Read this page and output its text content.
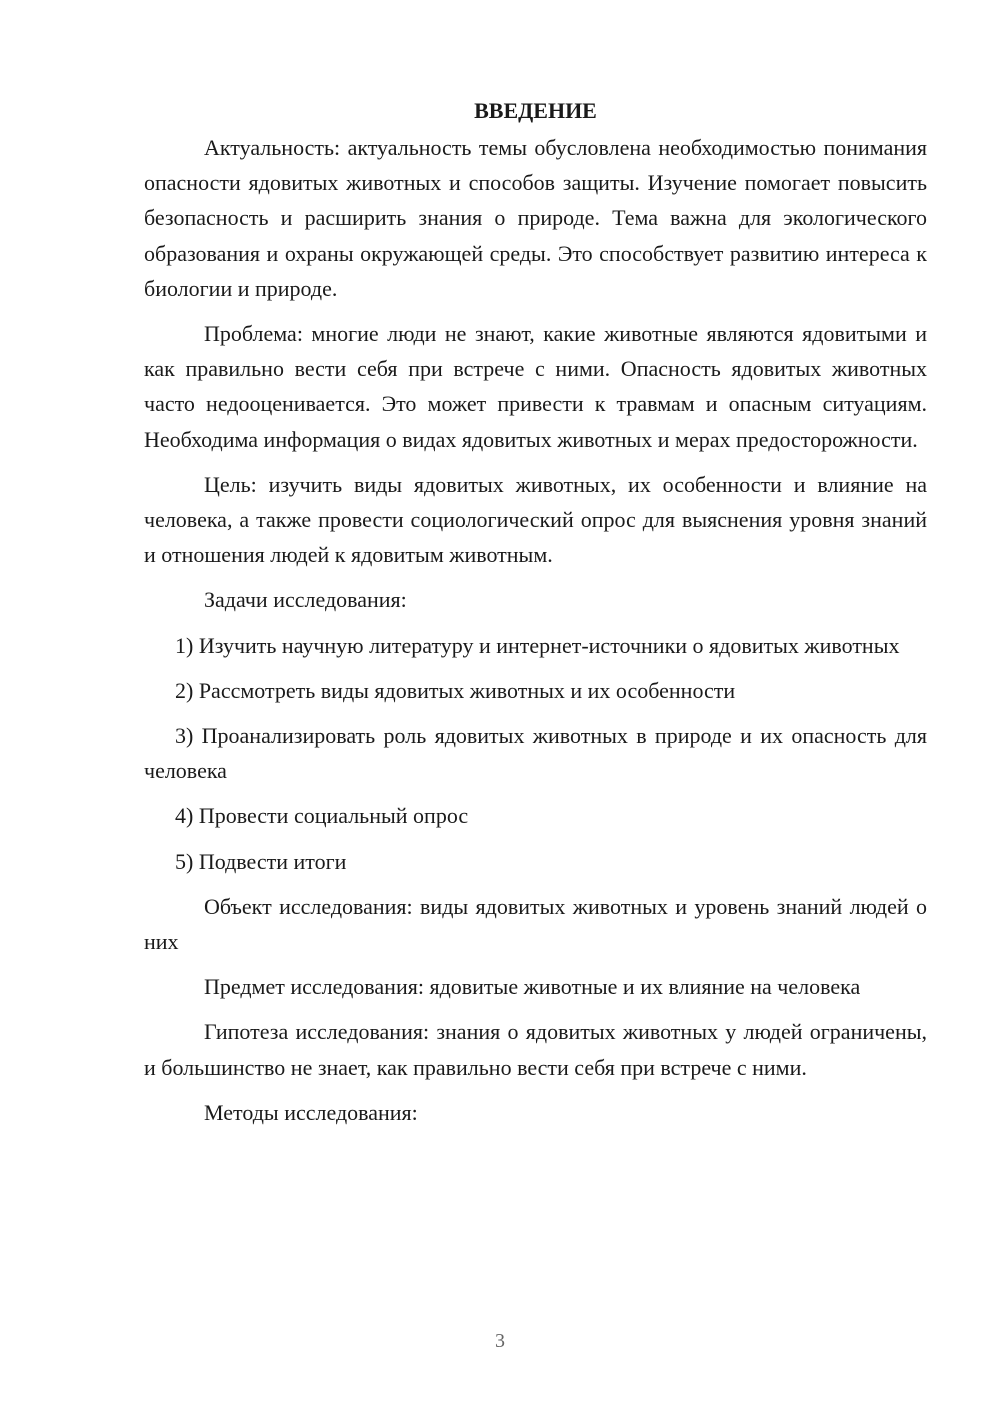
ВВЕДЕНИЕ

Актуальность: актуальность темы обусловлена необходимостью понимания опасности ядовитых животных и способов защиты. Изучение помогает повысить безопасность и расширить знания о природе. Тема важна для экологического образования и охраны окружающей среды. Это способствует развитию интереса к биологии и природе.

Проблема: многие люди не знают, какие животные являются ядовитыми и как правильно вести себя при встрече с ними. Опасность ядовитых животных часто недооценивается. Это может привести к травмам и опасным ситуациям. Необходима информация о видах ядовитых животных и мерах предосторожности.

Цель: изучить виды ядовитых животных, их особенности и влияние на человека, а также провести социологический опрос для выяснения уровня знаний и отношения людей к ядовитым животным.

Задачи исследования:

1) Изучить научную литературу и интернет-источники о ядовитых животных

2) Рассмотреть виды ядовитых животных и их особенности

3) Проанализировать роль ядовитых животных в природе и их опасность для человека

4) Провести социальный опрос

5) Подвести итоги

Объект исследования: виды ядовитых животных и уровень знаний людей о них

Предмет исследования: ядовитые животные и их влияние на человека

Гипотеза исследования: знания о ядовитых животных у людей ограничены, и большинство не знает, как правильно вести себя при встрече с ними.

Методы исследования:

3
